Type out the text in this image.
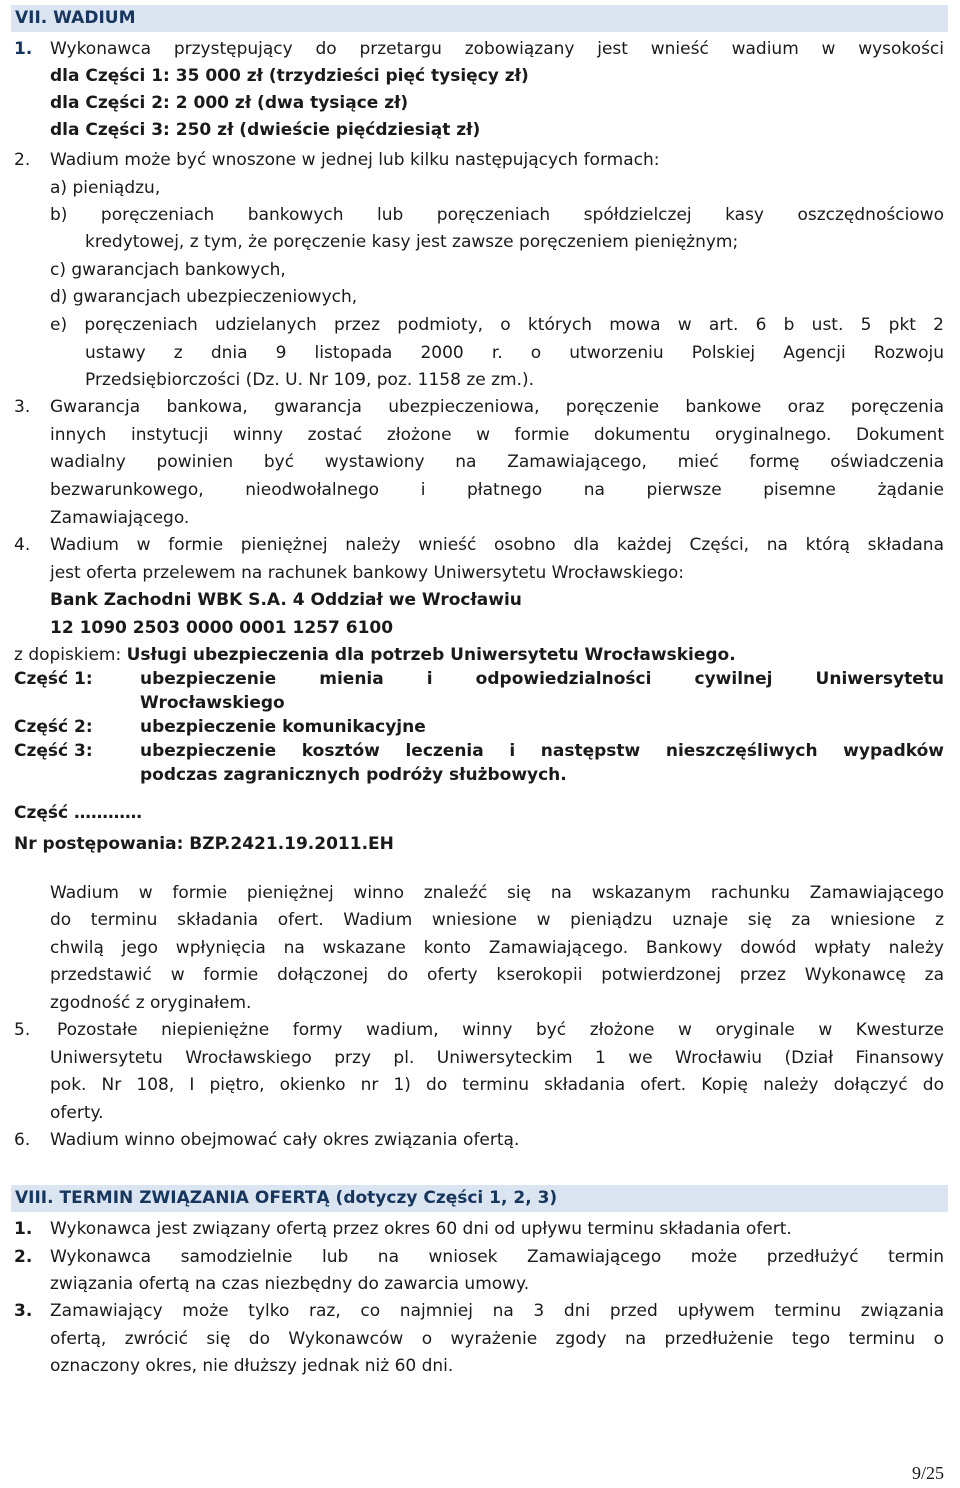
VII. WADIUM
1. Wykonawca przystępujący do przetargu zobowiązany jest wnieść wadium w wysokości
dla Części 1: 35 000 zł (trzydzieści pięć tysięcy zł)
dla Części 2: 2 000 zł (dwa tysiące zł)
dla Części 3: 250 zł (dwieście pięćdziesiąt zł)
2. Wadium może być wnoszone w jednej lub kilku następujących formach:
a) pieniądzu,
b) poręczeniach bankowych lub poręczeniach spółdzielczej kasy oszczędnościowo
kredytowej, z tym, że poręczenie kasy jest zawsze poręczeniem pieniężnym;
c) gwarancjach bankowych,
d) gwarancjach ubezpieczeniowych,
e) poręczeniach udzielanych przez podmioty, o których mowa w art. 6 b ust. 5 pkt 2
ustawy z dnia 9 listopada 2000 r. o utworzeniu Polskiej Agencji Rozwoju
Przedsiębiorczości (Dz. U. Nr 109, poz. 1158 ze zm.).
3. Gwarancja bankowa, gwarancja ubezpieczeniowa, poręczenie bankowe oraz poręczenia
innych instytucji winny zostać złożone w formie dokumentu oryginalnego. Dokument
wadialny powinien być wystawiony na Zamawiającego, mieć formę oświadczenia
bezwarunkowego, nieodwołalnego i płatnego na pierwsze pisemne żądanie
Zamawiającego.
4. Wadium w formie pieniężnej należy wnieść osobno dla każdej Części, na którą składana
jest oferta przelewem na rachunek bankowy Uniwersytetu Wrocławskiego:
Bank Zachodni WBK S.A. 4 Oddział we Wrocławiu
12 1090 2503 0000 0001 1257 6100
z dopiskiem: Usługi ubezpieczenia dla potrzeb Uniwersytetu Wrocławskiego.
Część 1:	ubezpieczenie mienia i odpowiedzialności cywilnej Uniwersytetu
Wrocławskiego
Część 2:	ubezpieczenie komunikacyjne
Część 3:	ubezpieczenie kosztów leczenia i następstw nieszczęśliwych wypadków
podczas zagranicznych podróży służbowych.
Część …………
Nr postępowania: BZP.2421.19.2011.EH
Wadium w formie pieniężnej winno znaleźć się na wskazanym rachunku Zamawiającego
do terminu składania ofert. Wadium wniesione w pieniądzu uznaje się za wniesione z
chwilą jego wpłynięcia na wskazane konto Zamawiającego. Bankowy dowód wpłaty należy
przedstawić w formie dołączonej do oferty kserokopii potwierdzonej przez Wykonawcę za
zgodność z oryginałem.
5. Pozostałe niepieniężne formy wadium, winny być złożone w oryginale w Kwesturze
Uniwersytetu Wrocławskiego przy pl. Uniwersyteckim 1 we Wrocławiu (Dział Finansowy
pok. Nr 108, I piętro, okienko nr 1) do terminu składania ofert. Kopię należy dołączyć do
oferty.
6. Wadium winno obejmować cały okres związania ofertą.
VIII. TERMIN ZWIĄZANIA OFERTĄ (dotyczy Części 1, 2, 3)
1. Wykonawca jest związany ofertą przez okres 60 dni od upływu terminu składania ofert.
2. Wykonawca samodzielnie lub na wniosek Zamawiającego może przedłużyć termin
związania ofertą na czas niezbędny do zawarcia umowy.
3. Zamawiający może tylko raz, co najmniej na 3 dni przed upływem terminu związania
ofertą, zwrócić się do Wykonawców o wyrażenie zgody na przedłużenie tego terminu o
oznaczony okres, nie dłuższy jednak niż 60 dni.
9/25
